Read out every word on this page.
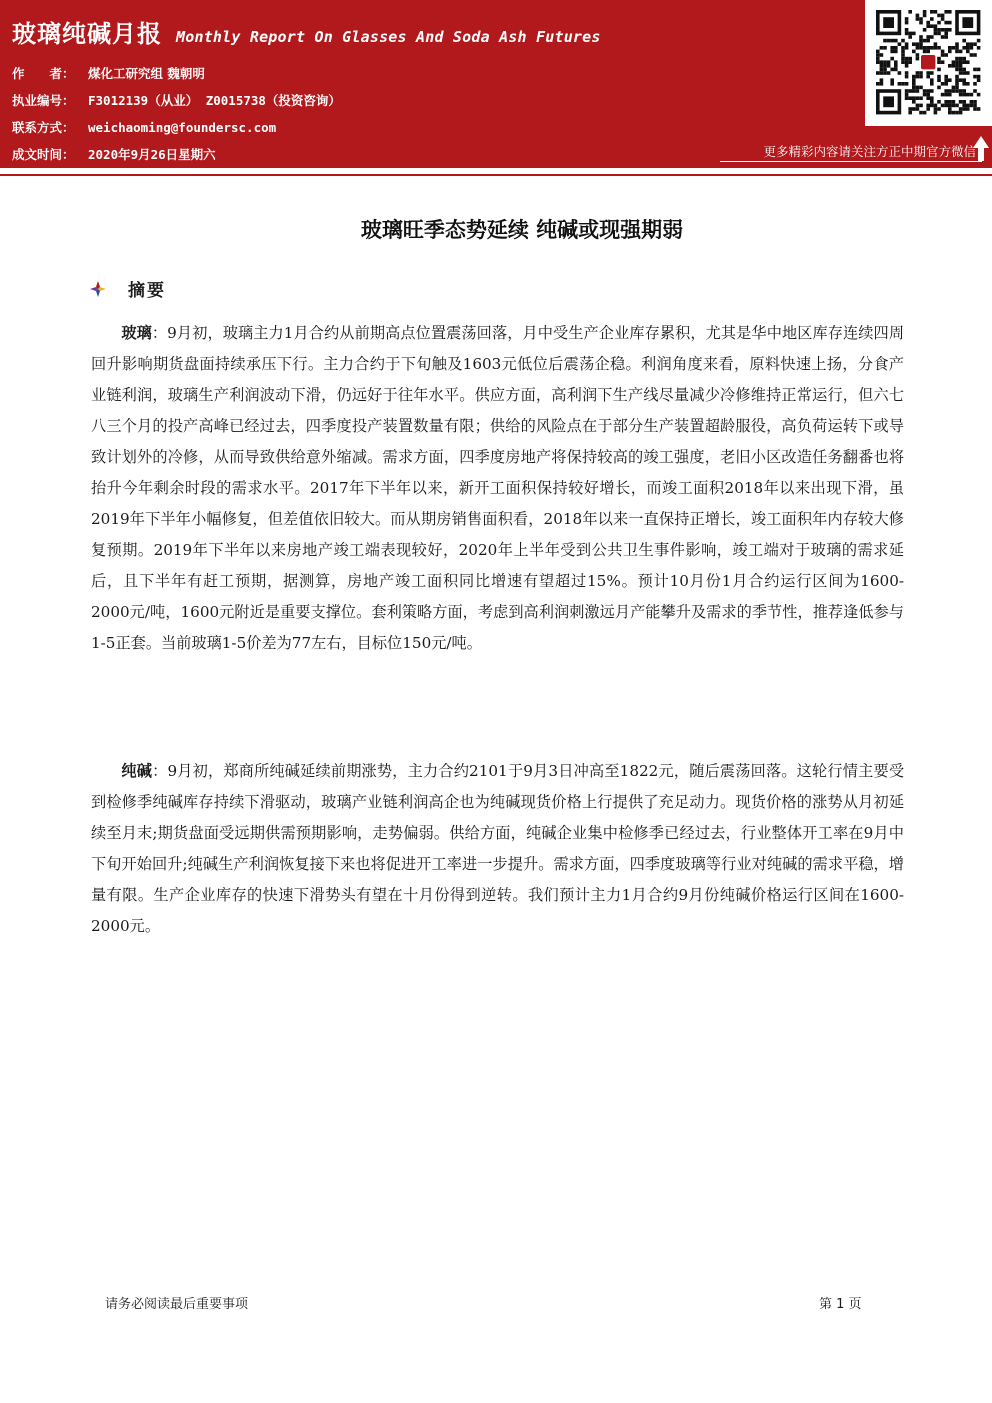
玻璃纯碱月报 Monthly Report On Glasses And Soda Ash Futures
作　　者：	煤化工研究组 魏朝明
执业编号：	F3012139（从业） Z0015738（投资咨询）
联系方式：	weichaoming@foundersc.com
成文时间：	2020年9月26日星期六	更多精彩内容请关注方正中期官方微信
玻璃旺季态势延续 纯碱或现强期弱
摘要

玻璃：9月初，玻璃主力1月合约从前期高点位置震荡回落，月中受生产企业库存累积，尤其是华中地区库存连续四周回升影响期货盘面持续承压下行。主力合约于下旬触及1603元低位后震荡企稳。利润角度来看，原料快速上扬，分食产业链利润，玻璃生产利润波动下滑，仍远好于往年水平。供应方面，高利润下生产线尽量减少冷修维持正常运行，但六七八三个月的投产高峰已经过去，四季度投产装置数量有限；供给的风险点在于部分生产装置超龄服役，高负荷运转下或导致计划外的冷修，从而导致供给意外缩减。需求方面，四季度房地产将保持较高的竣工强度，老旧小区改造任务翻番也将抬升今年剩余时段的需求水平。2017年下半年以来，新开工面积保持较好增长，而竣工面积2018年以来出现下滑，虽2019年下半年小幅修复，但差值依旧较大。而从期房销售面积看，2018年以来一直保持正增长，竣工面积年内存较大修复预期。2019年下半年以来房地产竣工端表现较好，2020年上半年受到公共卫生事件影响，竣工端对于玻璃的需求延后，且下半年有赶工预期，据测算，房地产竣工面积同比增速有望超过15%。预计10月份1月合约运行区间为1600-2000元/吨，1600元附近是重要支撑位。套利策略方面，考虑到高利润刺激远月产能攀升及需求的季节性，推荐逢低参与1-5正套。当前玻璃1-5价差为77左右，目标位150元/吨。

纯碱：9月初，郑商所纯碱延续前期涨势，主力合约2101于9月3日冲高至1822元，随后震荡回落。这轮行情主要受到检修季纯碱库存持续下滑驱动，玻璃产业链利润高企也为纯碱现货价格上行提供了充足动力。现货价格的涨势从月初延续至月末;期货盘面受远期供需预期影响，走势偏弱。供给方面，纯碱企业集中检修季已经过去，行业整体开工率在9月中下旬开始回升;纯碱生产利润恢复接下来也将促进开工率进一步提升。需求方面，四季度玻璃等行业对纯碱的需求平稳，增量有限。生产企业库存的快速下滑势头有望在十月份得到逆转。我们预计主力1月合约9月份纯碱价格运行区间在1600-2000元。

请务必阅读最后重要事项	第 1 页
